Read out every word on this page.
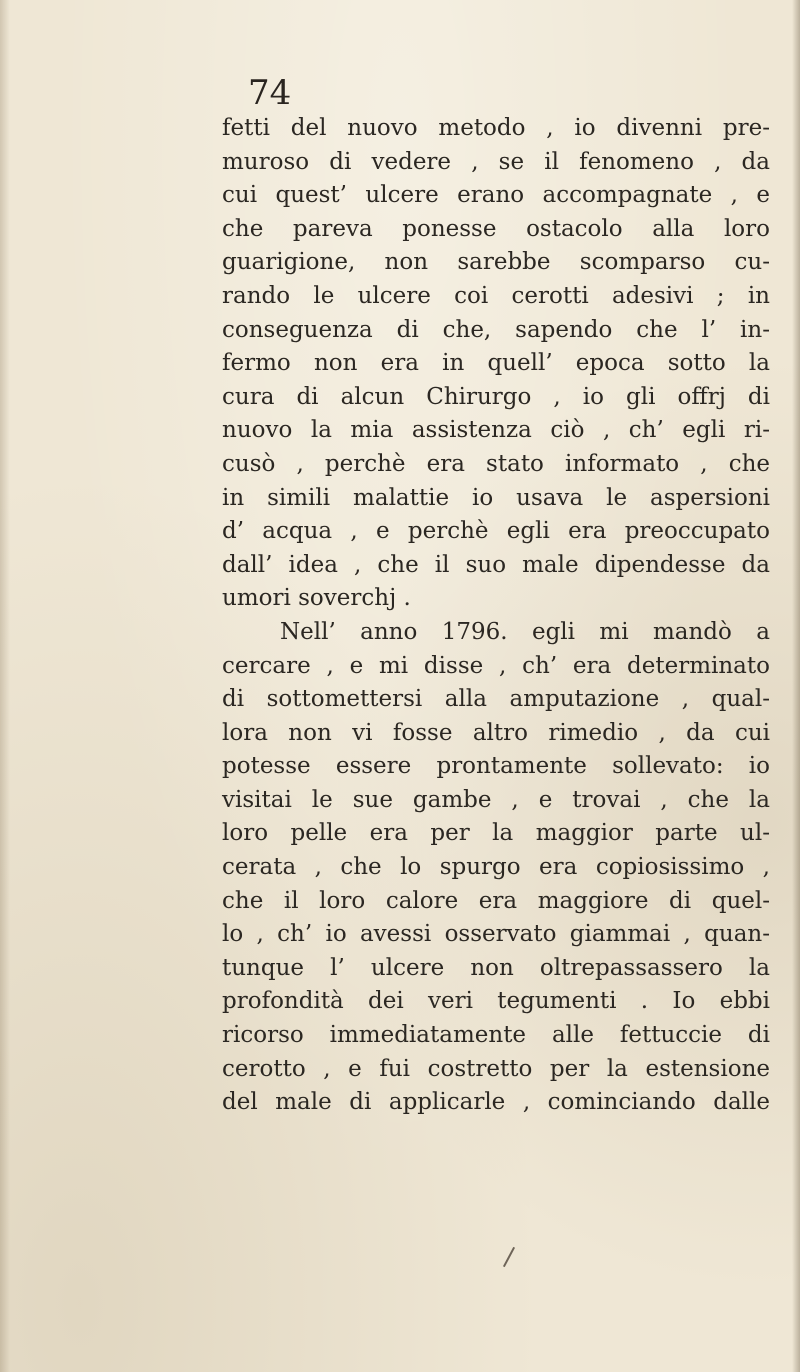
74
fetti del nuovo metodo , io divenni pre-
muroso di vedere , se il fenomeno , da
cui quest’ ulcere erano accompagnate , e
che pareva ponesse ostacolo alla loro
guarigione, non sarebbe scomparso cu-
rando le ulcere coi cerotti adesivi ; in
conseguenza di che, sapendo che l’ in-
fermo non era in quell’ epoca sotto la
cura di alcun Chirurgo , io gli offrj di
nuovo la mia assistenza ciò , ch’ egli ri-
cusò , perchè era stato informato , che
in simili malattie io usava le aspersioni
d’ acqua , e perchè egli era preoccupato
dall’ idea , che il suo male dipendesse da
umori soverchj .
Nell’ anno 1796. egli mi mandò a
cercare , e mi disse , ch’ era determinato
di sottomettersi alla amputazione , qual-
lora non vi fosse altro rimedio , da cui
potesse essere prontamente sollevato: io
visitai le sue gambe , e trovai , che la
loro pelle era per la maggior parte ul-
cerata , che lo spurgo era copiosissimo ,
che il loro calore era maggiore di quel-
lo , ch’ io avessi osservato giammai , quan-
tunque l’ ulcere non oltrepassassero la
profondità dei veri tegumenti . Io ebbi
ricorso immediatamente alle fettuccie di
cerotto , e fui costretto per la estensione
del male di applicarle , cominciando dalle
